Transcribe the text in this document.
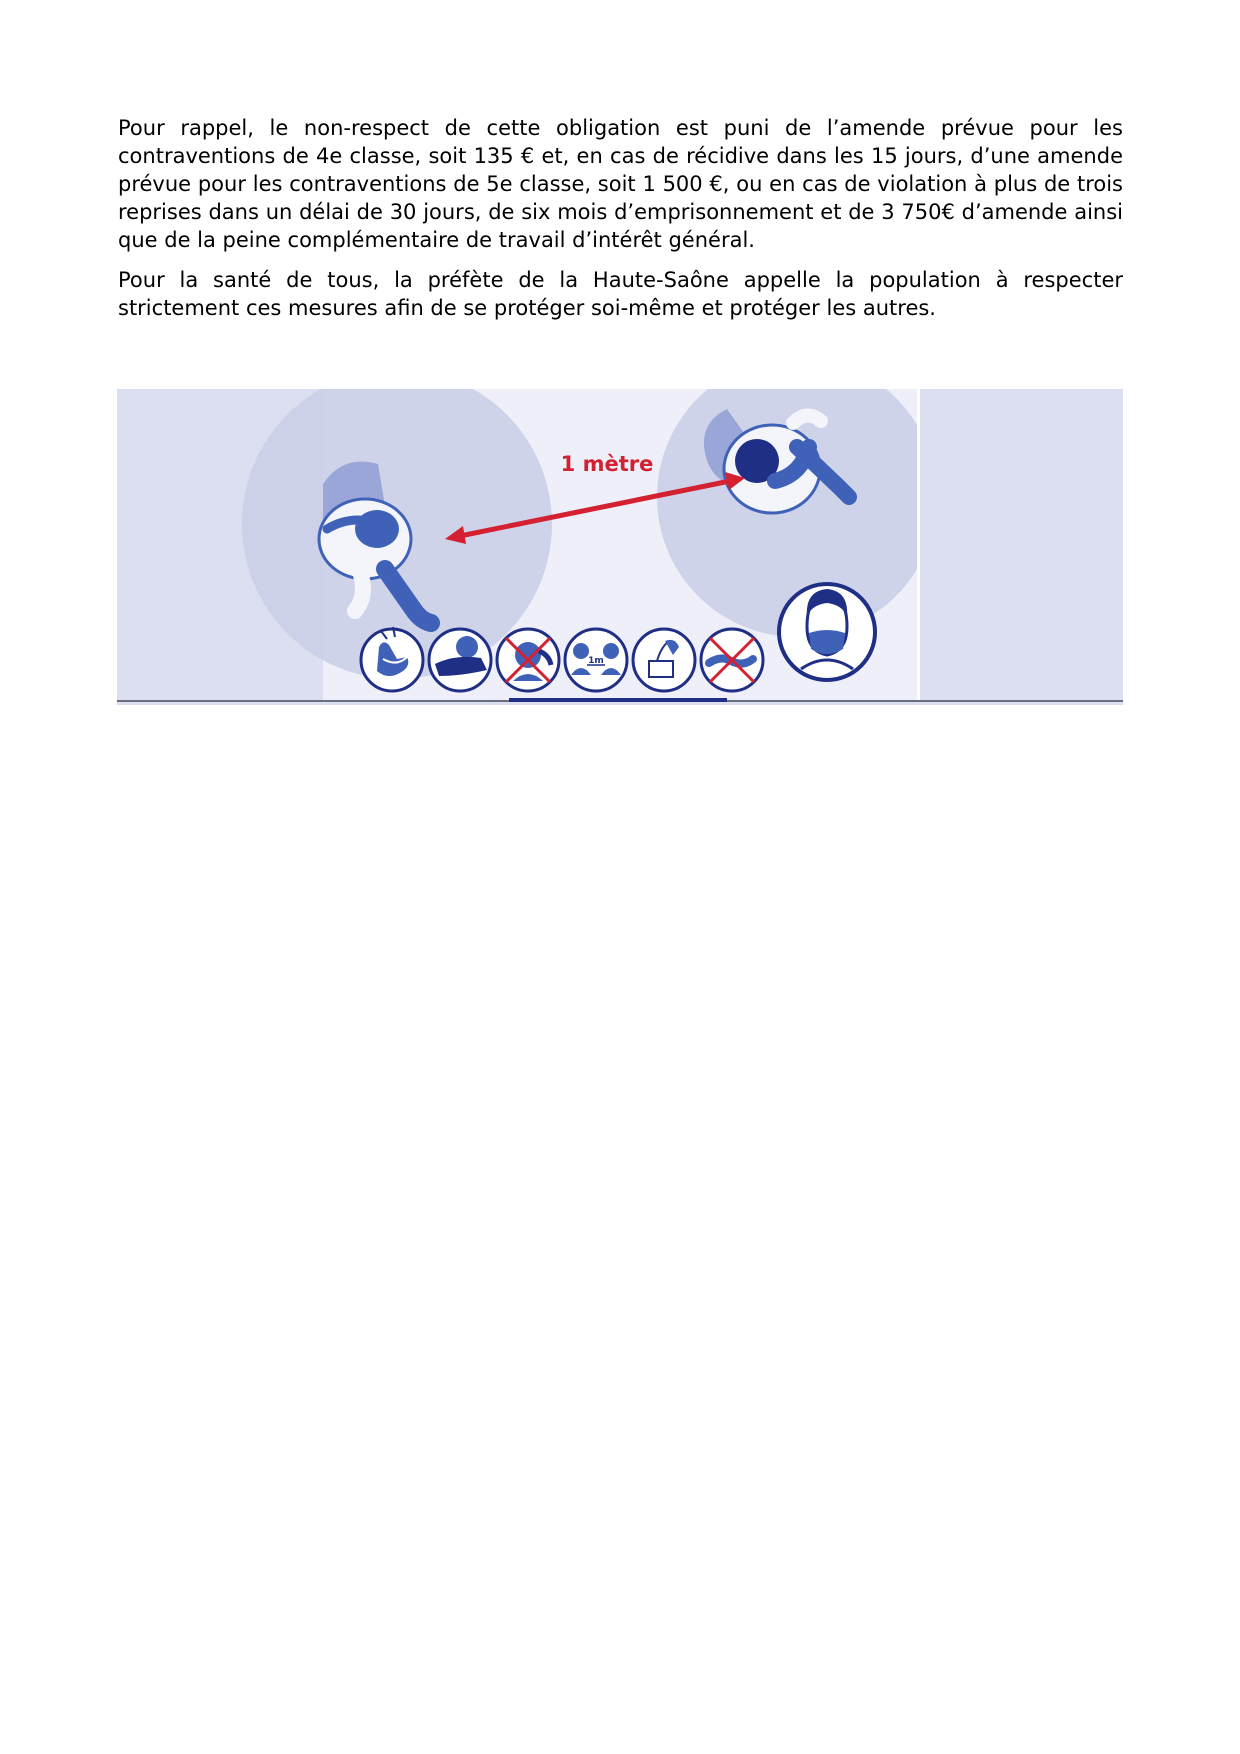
Pour rappel, le non-respect de cette obligation est puni de l’amende prévue pour les contraventions de 4e classe, soit 135 € et, en cas de récidive dans les 15 jours, d’une amende prévue pour les contraventions de 5e classe, soit 1 500 €, ou en cas de violation à plus de trois reprises dans un délai de 30 jours, de six mois d’emprisonnement et de 3 750€ d’amende ainsi que de la peine complémentaire de travail d’intérêt général.

Pour la santé de tous, la préfète de la Haute-Saône appelle la population à respecter strictement ces mesures afin de se protéger soi-même et protéger les autres.

1 mètre
1m
